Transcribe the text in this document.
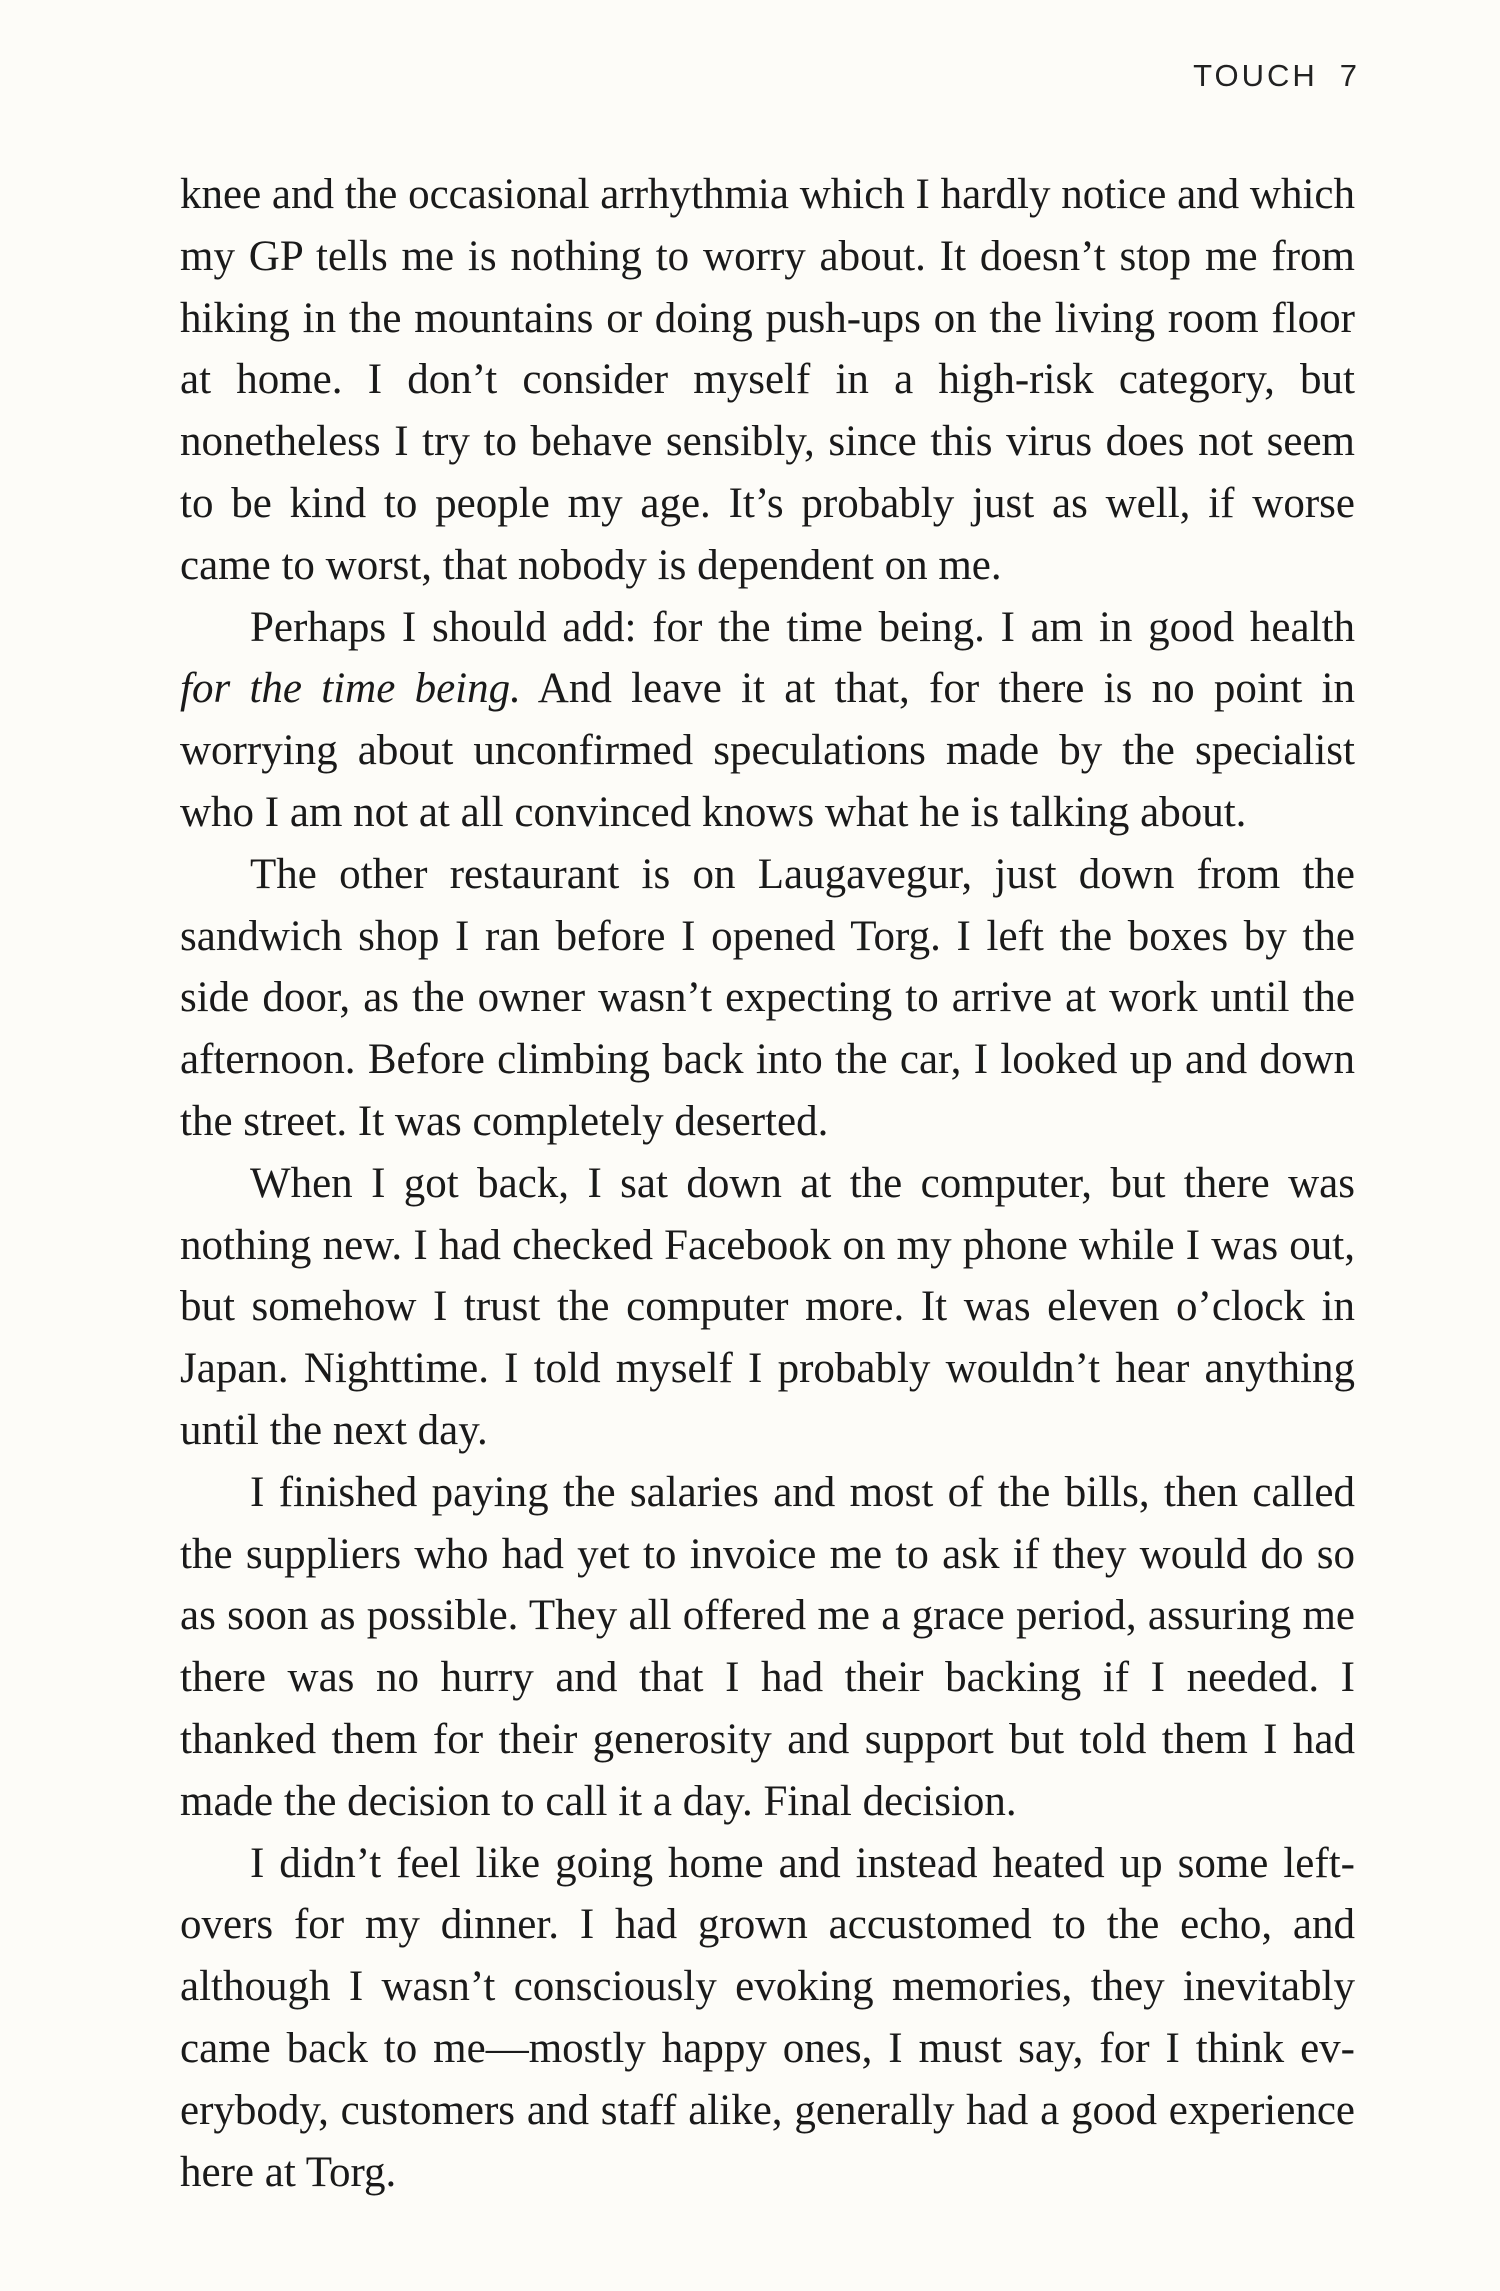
TOUCH 7

knee and the occasional arrhythmia which I hardly notice and which my GP tells me is nothing to worry about. It doesn’t stop me from hiking in the mountains or doing push-ups on the living room floor at home. I don’t consider myself in a high-risk category, but nonetheless I try to behave sensibly, since this virus does not seem to be kind to people my age. It’s probably just as well, if worse came to worst, that nobody is dependent on me.

Perhaps I should add: for the time being. I am in good health for the time being. And leave it at that, for there is no point in worrying about unconfirmed speculations made by the specialist who I am not at all convinced knows what he is talking about.

The other restaurant is on Laugavegur, just down from the sandwich shop I ran before I opened Torg. I left the boxes by the side door, as the owner wasn’t expecting to arrive at work until the afternoon. Before climbing back into the car, I looked up and down the street. It was completely deserted.

When I got back, I sat down at the computer, but there was nothing new. I had checked Facebook on my phone while I was out, but somehow I trust the computer more. It was eleven o’clock in Japan. Nighttime. I told myself I probably wouldn’t hear anything until the next day.

I finished paying the salaries and most of the bills, then called the suppliers who had yet to invoice me to ask if they would do so as soon as possible. They all offered me a grace period, assuring me there was no hurry and that I had their backing if I needed. I thanked them for their generosity and support but told them I had made the decision to call it a day. Final decision.

I didn’t feel like going home and instead heated up some leftovers for my dinner. I had grown accustomed to the echo, and although I wasn’t consciously evoking memories, they inevitably came back to me—mostly happy ones, I must say, for I think everybody, customers and staff alike, generally had a good experience here at Torg.
